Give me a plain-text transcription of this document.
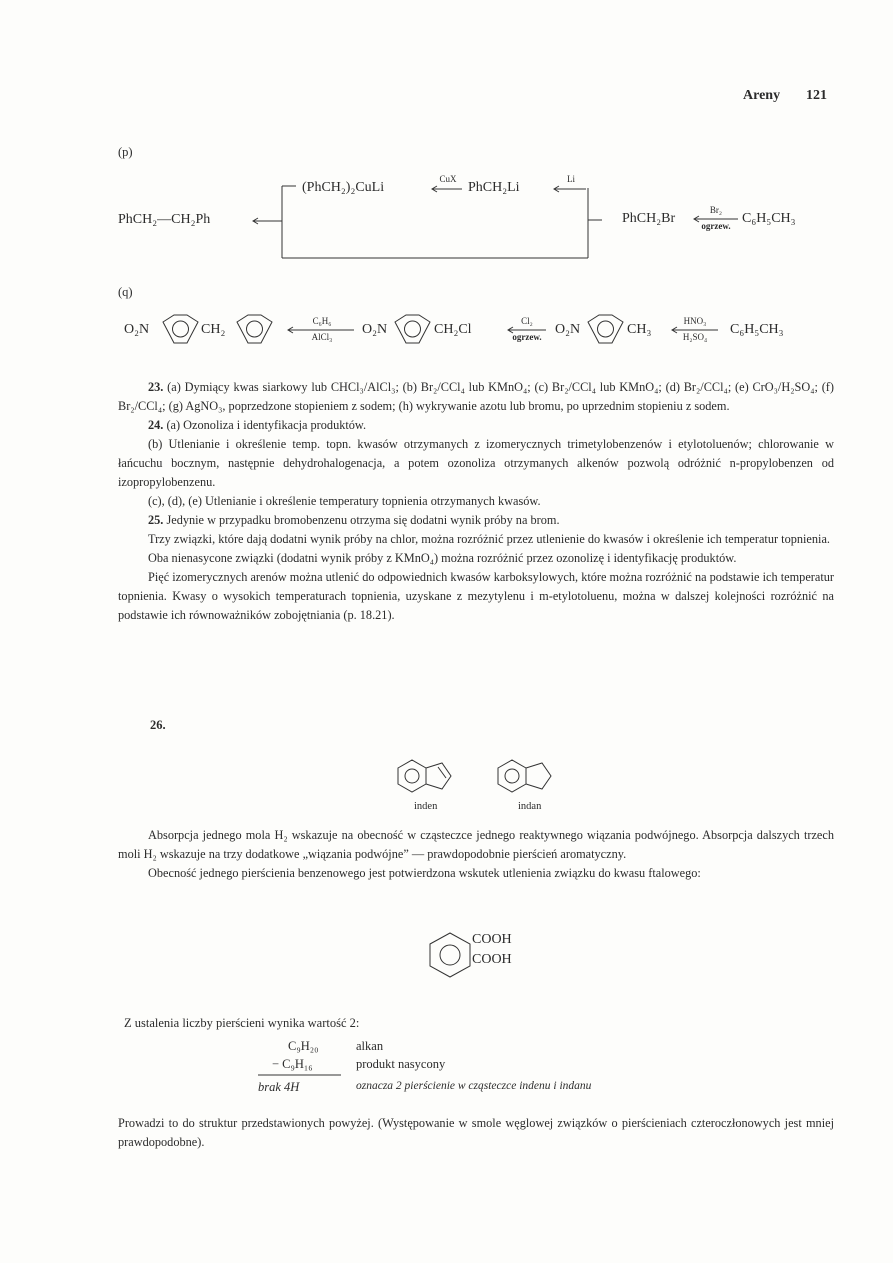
Areny 121
(p)
PhCH₂—CH₂Ph
(PhCH₂)₂CuLi
CuX
PhCH₂Li
Li
PhCH₂Br
Br₂
ogrzew. C₆H₅CH₃
(q)
O₂N	CH₂
C₆H₆
AlCl₃	O₂N	CH₂Cl
Cl₂
ogrzew. O₂N	CH₃
HNO₃
H₂SO₄	C₆H₅CH₃

23. (a) Dymiący kwas siarkowy lub CHCl₃/AlCl₃; (b) Br₂/CCl₄ lub KMnO₄; (c) Br₂/CCl₄ lub KMnO₄; (d) Br₂/CCl₄; (e) CrO₃/H₂SO₄; (f) Br₂/CCl₄; (g) AgNO₃, poprzedzone stopieniem z sodem; (h) wykrywanie azotu lub bromu, po uprzednim stopieniu z sodem.

24. (a) Ozonoliza i identyfikacja produktów.

(b) Utlenianie i określenie temp. topn. kwasów otrzymanych z izomerycznych trimetylobenzenów i etylotoluenów; chlorowanie w łańcuchu bocznym, następnie dehydrohalogenacja, a potem ozonoliza otrzymanych alkenów pozwolą odróżnić n-propylobenzen od izopropylobenzenu.

(c), (d), (e) Utlenianie i określenie temperatury topnienia otrzymanych kwasów.

25. Jedynie w przypadku bromobenzenu otrzyma się dodatni wynik próby na brom.

Trzy związki, które dają dodatni wynik próby na chlor, można rozróżnić przez utlenienie do kwasów i określenie ich temperatur topnienia.

Oba nienasycone związki (dodatni wynik próby z KMnO₄) można rozróżnić przez ozonolizę i identyfikację produktów.

Pięć izomerycznych arenów można utlenić do odpowiednich kwasów karboksylowych, które można rozróżnić na podstawie ich temperatur topnienia. Kwasy o wysokich temperaturach topnienia, uzyskane z mezytylenu i m-etylotoluenu, można w dalszej kolejności rozróżnić na podstawie ich równoważników zobojętniania (p. 18.21).

26.
inden	indan

Absorpcja jednego mola H₂ wskazuje na obecność w cząsteczce jednego reaktywnego wiązania podwójnego. Absorpcja dalszych trzech moli H₂ wskazuje na trzy dodatkowe „wiązania podwójne” — prawdopodobnie pierścień aromatyczny.

Obecność jednego pierścienia benzenowego jest potwierdzona wskutek utlenienia związku do kwasu ftalowego:

COOH
COOH
Z ustalenia liczby pierścieni wynika wartość 2:
C₉H₂₀	alkan
− C₉H₁₆	produkt nasycony
brak 4H	oznacza 2 pierścienie w cząsteczce indenu i indanu

Prowadzi to do struktur przedstawionych powyżej. (Występowanie w smole węglowej związków o pierścieniach czteroczłonowych jest mniej prawdopodobne).
